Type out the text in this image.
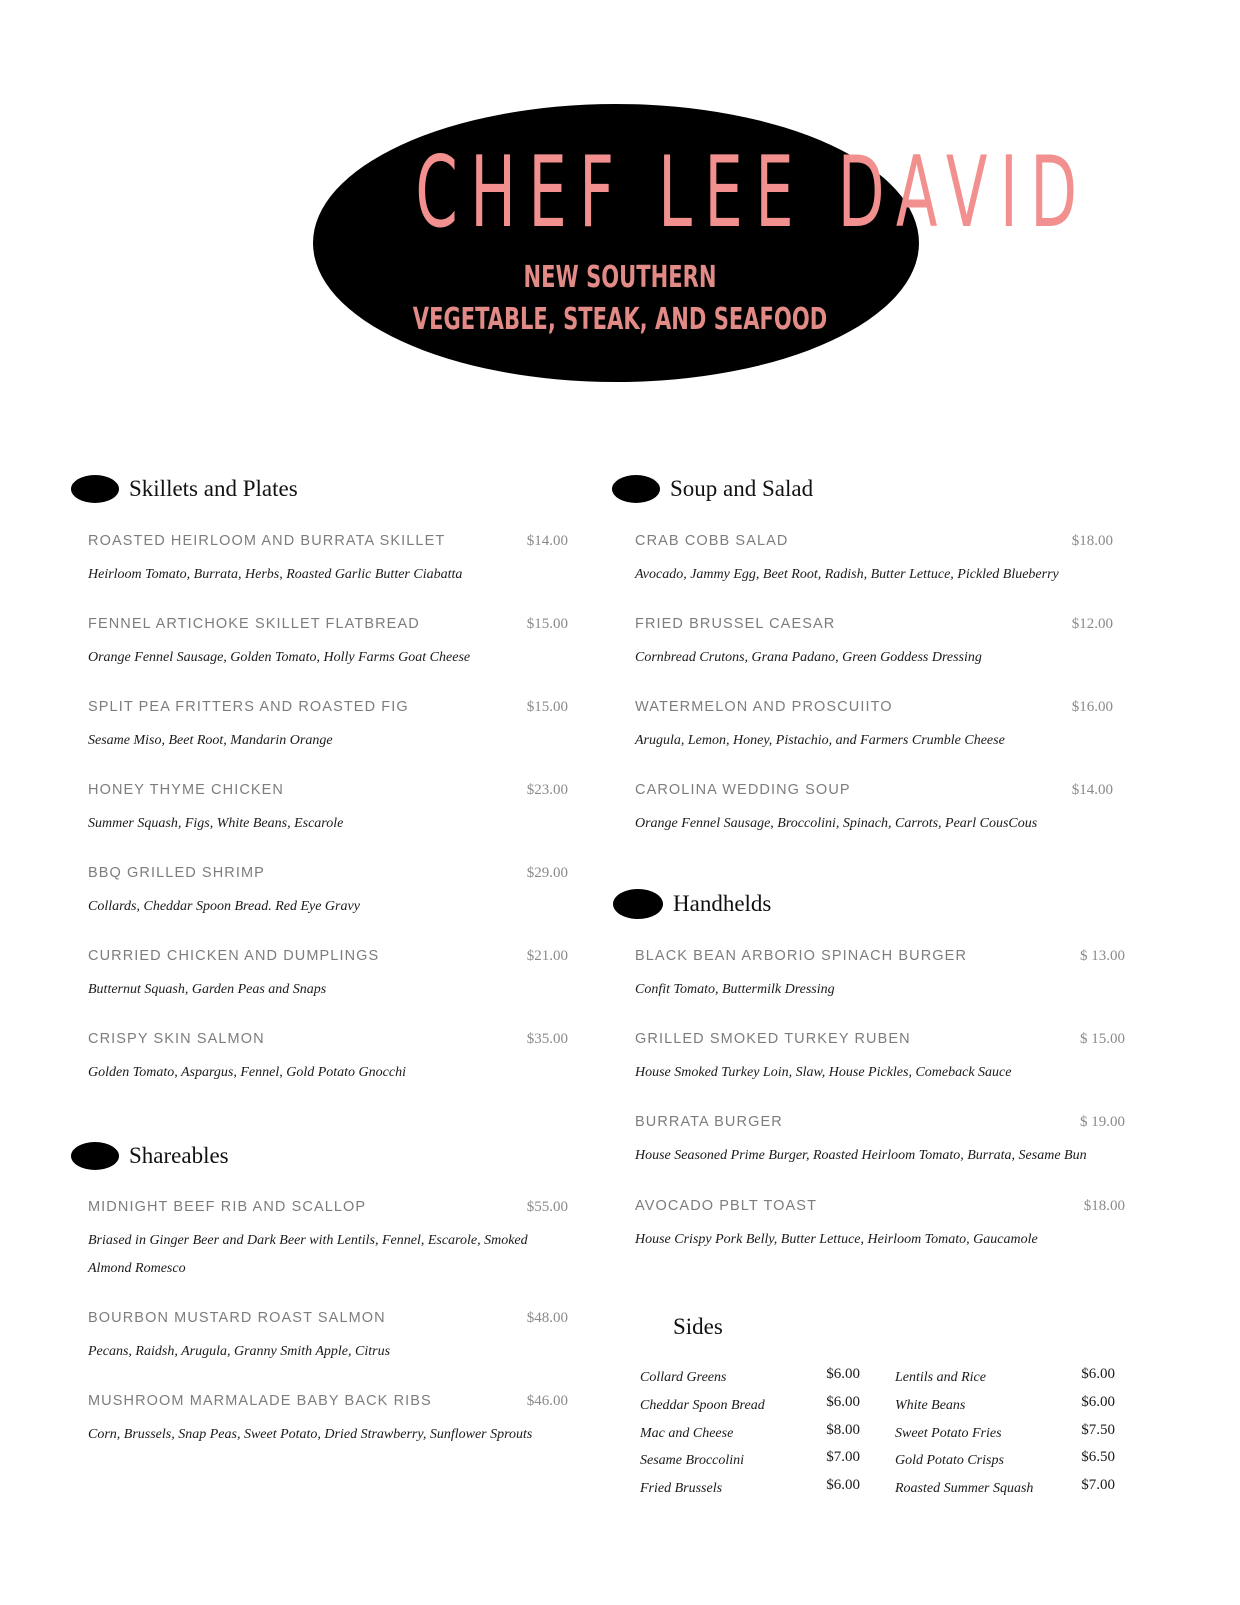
CHEF LEE DAVID
NEW SOUTHERN
VEGETABLE, STEAK, AND SEAFOOD
Skillets and Plates
ROASTED HEIRLOOM AND BURRATA SKILLET	$14.00
Heirloom Tomato, Burrata, Herbs, Roasted Garlic Butter Ciabatta
FENNEL ARTICHOKE SKILLET FLATBREAD	$15.00
Orange Fennel Sausage, Golden Tomato, Holly Farms Goat Cheese
SPLIT PEA FRITTERS AND ROASTED FIG	$15.00
Sesame Miso, Beet Root, Mandarin Orange
HONEY THYME CHICKEN	$23.00
Summer Squash, Figs, White Beans, Escarole
BBQ GRILLED SHRIMP	$29.00
Collards, Cheddar Spoon Bread. Red Eye Gravy
CURRIED CHICKEN AND DUMPLINGS	$21.00
Butternut Squash, Garden Peas and Snaps
CRISPY SKIN SALMON	$35.00
Golden Tomato, Aspargus, Fennel, Gold Potato Gnocchi
Shareables
MIDNIGHT BEEF RIB AND SCALLOP	$55.00
Briased in Ginger Beer and Dark Beer with Lentils, Fennel, Escarole, Smoked Almond Romesco
BOURBON MUSTARD ROAST SALMON	$48.00
Pecans, Raidsh, Arugula, Granny Smith Apple, Citrus
MUSHROOM MARMALADE BABY BACK RIBS	$46.00
Corn, Brussels, Snap Peas, Sweet Potato, Dried Strawberry, Sunflower Sprouts
Soup and Salad
CRAB COBB SALAD	$18.00
Avocado, Jammy Egg, Beet Root, Radish, Butter Lettuce, Pickled Blueberry
FRIED BRUSSEL CAESAR	$12.00
Cornbread Crutons, Grana Padano, Green Goddess Dressing
WATERMELON AND PROSCUIITO	$16.00
Arugula, Lemon, Honey, Pistachio, and Farmers Crumble Cheese
CAROLINA WEDDING SOUP	$14.00
Orange Fennel Sausage, Broccolini, Spinach, Carrots, Pearl CousCous
Handhelds
BLACK BEAN ARBORIO SPINACH BURGER	$ 13.00
Confit Tomato, Buttermilk Dressing
GRILLED SMOKED TURKEY RUBEN	$ 15.00
House Smoked Turkey Loin, Slaw, House Pickles, Comeback Sauce
BURRATA BURGER	$ 19.00
House Seasoned Prime Burger, Roasted Heirloom Tomato, Burrata, Sesame Bun
AVOCADO PBLT TOAST	$18.00
House Crispy Pork Belly, Butter Lettuce, Heirloom Tomato, Gaucamole
Sides
Collard Greens	$6.00
Cheddar Spoon Bread	$6.00
Mac and Cheese	$8.00
Sesame Broccolini	$7.00
Fried Brussels	$6.00
Lentils and Rice	$6.00
White Beans	$6.00
Sweet Potato Fries	$7.50
Gold Potato Crisps	$6.50
Roasted Summer Squash	$7.00
